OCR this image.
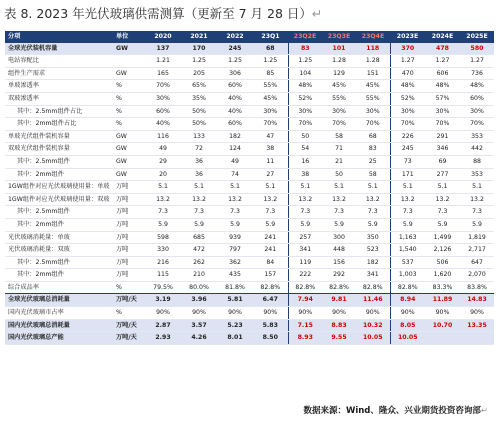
表 8. 2023 年光伏玻璃供需测算（更新至 7 月 28 日）↵
分项	单位	2020	2021	2022	23Q1	23Q2E	23Q3E	23Q4E	2023E	2024E	2025E
全球光伏装机容量	GW	137	170	245	68	83	101	118	370	478	580
电站容配比		1.21	1.25	1.25	1.25	1.25	1.28	1.28	1.27	1.27	1.27
组件生产需求	GW	165	205	306	85	104	129	151	470	606	736
单玻渗透率	%	70%	65%	60%	55%	48%	45%	45%	48%	48%	48%
双玻渗透率	%	30%	35%	40%	45%	52%	55%	55%	52%	57%	60%
其中：2.5mm组件占比	%	60%	50%	40%	30%	30%	30%	30%	30%	30%	30%
其中：2mm组件占比	%	40%	50%	60%	70%	70%	70%	70%	70%	70%	70%
单玻光伏组件装机容量	GW	116	133	182	47	50	58	68	226	291	353
双玻光伏组件装机容量	GW	49	72	124	38	54	71	83	245	346	442
其中：2.5mm组件	GW	29	36	49	11	16	21	25	73	69	88
其中：2mm组件	GW	20	36	74	27	38	50	58	171	277	353
1GW组件对应光伏玻璃使用量：单玻	万吨	5.1	5.1	5.1	5.1	5.1	5.1	5.1	5.1	5.1	5.1
1GW组件对应光伏玻璃使用量：双玻	万吨	13.2	13.2	13.2	13.2	13.2	13.2	13.2	13.2	13.2	13.2
其中：2.5mm组件	万吨	7.3	7.3	7.3	7.3	7.3	7.3	7.3	7.3	7.3	7.3
其中：2mm组件	万吨	5.9	5.9	5.9	5.9	5.9	5.9	5.9	5.9	5.9	5.9
光伏玻璃消耗量：单玻	万吨	598	685	939	241	257	300	350	1,163	1,499	1,819
光伏玻璃消耗量：双玻	万吨	330	472	797	241	341	448	523	1,540	2,126	2,717
其中：2.5mm组件	万吨	216	262	362	84	119	156	182	537	506	647
其中：2mm组件	万吨	115	210	435	157	222	292	341	1,003	1,620	2,070
综合成品率	%	79.5%	80.0%	81.8%	82.8%	82.8%	82.8%	82.8%	82.8%	83.3%	83.8%
全球光伏玻璃总消耗量	万吨/天	3.19	3.96	5.81	6.47	7.94	9.81	11.46	8.94	11.89	14.83
国内光伏玻璃市占率	%	90%	90%	90%	90%	90%	90%	90%	90%	90%	90%
国内光伏玻璃总消耗量	万吨/天	2.87	3.57	5.23	5.83	7.15	8.83	10.32	8.05	10.70	13.35
国内光伏玻璃总产能	万吨/天	2.93	4.26	8.01	8.50	8.93	9.55	10.05	10.05		
数据来源：Wind、隆众、兴业期货投资咨询部↵
